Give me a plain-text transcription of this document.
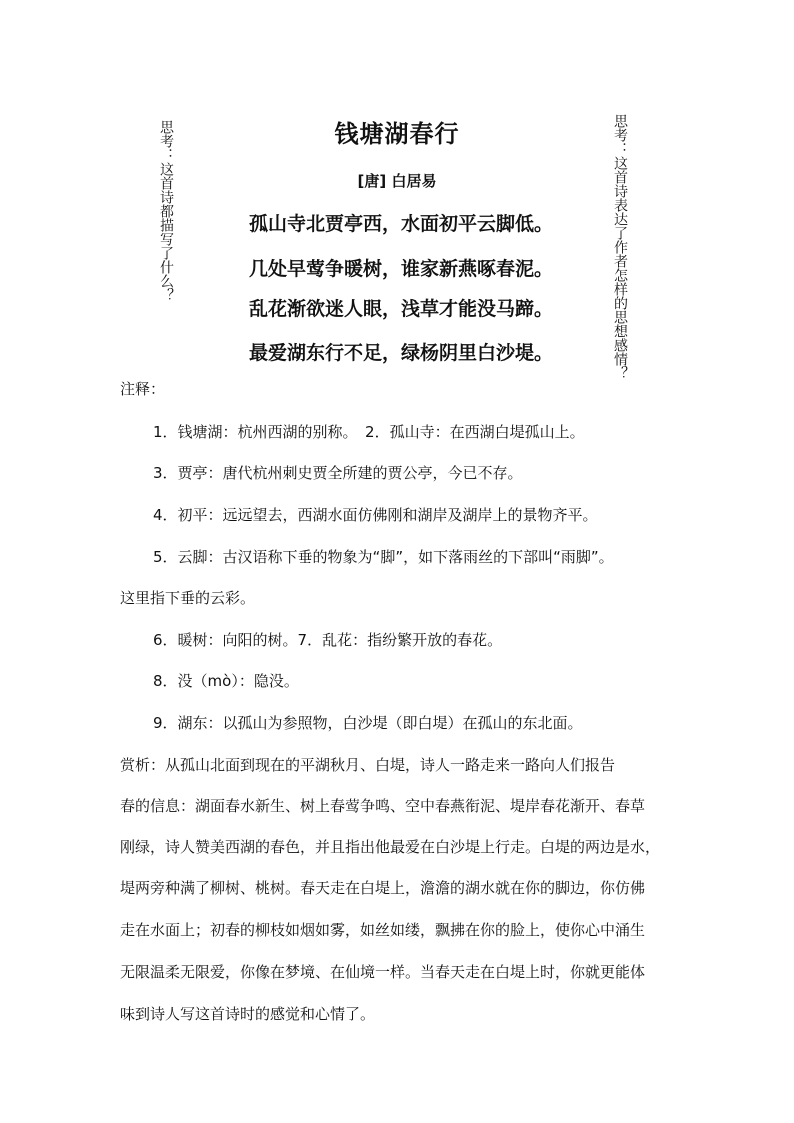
钱塘湖春行
[唐] 白居易
思考：这首诗都描写了什么？	思考：这首诗表达了作者怎样的思想感情？
孤山寺北贾亭西，水面初平云脚低。
几处早莺争暖树，谁家新燕啄春泥。
乱花渐欲迷人眼，浅草才能没马蹄。
最爱湖东行不足，绿杨阴里白沙堤。
注释：
1．钱塘湖：杭州西湖的别称。　2．孤山寺：在西湖白堤孤山上。
3．贾亭：唐代杭州刺史贾全所建的贾公亭，今已不存。
4．初平：远远望去，西湖水面仿佛刚和湖岸及湖岸上的景物齐平。
5．云脚：古汉语称下垂的物象为“脚”，如下落雨丝的下部叫“雨脚”。
这里指下垂的云彩。
6．暖树：向阳的树。7．乱花：指纷繁开放的春花。
8．没（mò）：隐没。
9．湖东：以孤山为参照物，白沙堤（即白堤）在孤山的东北面。
赏析：从孤山北面到现在的平湖秋月、白堤，诗人一路走来一路向人们报告
春的信息：湖面春水新生、树上春莺争鸣、空中春燕衔泥、堤岸春花渐开、春草
刚绿，诗人赞美西湖的春色，并且指出他最爱在白沙堤上行走。白堤的两边是水，
堤两旁种满了柳树、桃树。春天走在白堤上，澹澹的湖水就在你的脚边，你仿佛
走在水面上；初春的柳枝如烟如雾，如丝如缕，飘拂在你的脸上，使你心中涌生
无限温柔无限爱，你像在梦境、在仙境一样。当春天走在白堤上时，你就更能体
味到诗人写这首诗时的感觉和心情了。
